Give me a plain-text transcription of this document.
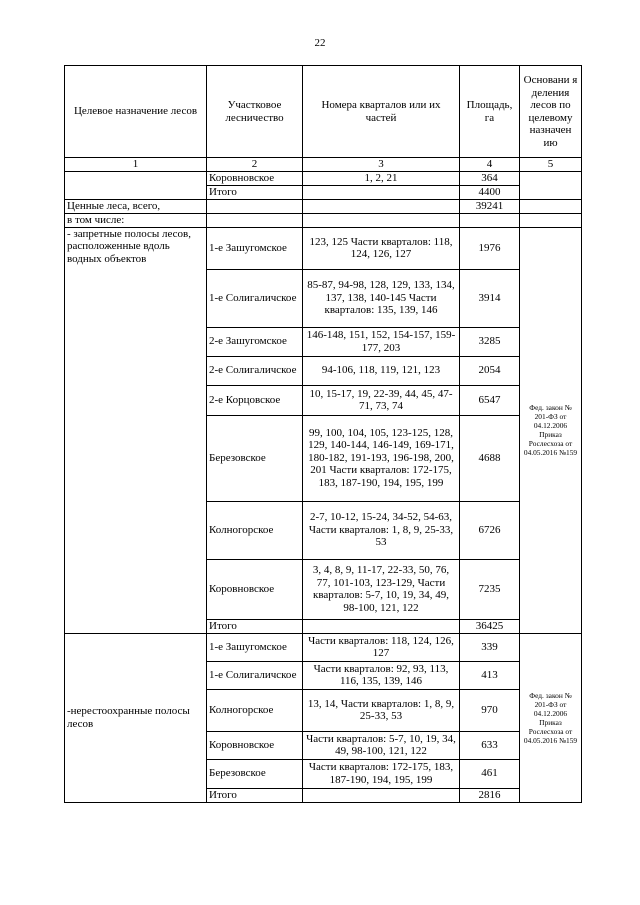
22
Целевое назначение лесов	Участковое лесничество	Номера кварталов или их частей	Площадь, га	Основани я деления лесов по целевому назначен ию
1	2	3	4	5
	Коровновское	1, 2, 21	364	
	Итого		4400	
Ценные леса, всего,			39241	
в том числе:				
- запретные полосы лесов, расположенные вдоль водных объектов	1-е Зашугомское	123, 125 Части кварталов: 118, 124, 126, 127	1976	Фед. закон № 201-ФЗ от 04.12.2006 Приказ Рослесхоза от 04.05.2016 №159
	1-е Солигаличское	85-87, 94-98, 128, 129, 133, 134, 137, 138, 140-145 Части кварталов: 135, 139, 146	3914	
	2-е Зашугомское	146-148, 151, 152, 154-157, 159-177, 203	3285	
	2-е Солигаличское	94-106, 118, 119, 121, 123	2054	
	2-е Корцовское	10, 15-17, 19, 22-39, 44, 45, 47-71, 73, 74	6547	
	Березовское	99, 100, 104, 105, 123-125, 128, 129, 140-144, 146-149, 169-171, 180-182, 191-193, 196-198, 200, 201 Части кварталов: 172-175, 183, 187-190, 194, 195, 199	4688	
	Колногорское	2-7, 10-12, 15-24, 34-52, 54-63, Части кварталов: 1, 8, 9, 25-33, 53	6726	
	Коровновское	3, 4, 8, 9, 11-17, 22-33, 50, 76, 77, 101-103, 123-129, Части кварталов: 5-7, 10, 19, 34, 49, 98-100, 121, 122	7235	
	Итого		36425	
-нерестоохранные полосы лесов	1-е Зашугомское	Части кварталов: 118, 124, 126, 127	339	Фед. закон № 201-ФЗ от 04.12.2006 Приказ Рослесхоза от 04.05.2016 №159
	1-е Солигаличское	Части кварталов: 92, 93, 113, 116, 135, 139, 146	413	
	Колногорское	13, 14, Части кварталов: 1, 8, 9, 25-33, 53	970	
	Коровновское	Части кварталов: 5-7, 10, 19, 34, 49, 98-100, 121, 122	633	
	Березовское	Части кварталов: 172-175, 183, 187-190, 194, 195, 199	461	
	Итого		2816	
